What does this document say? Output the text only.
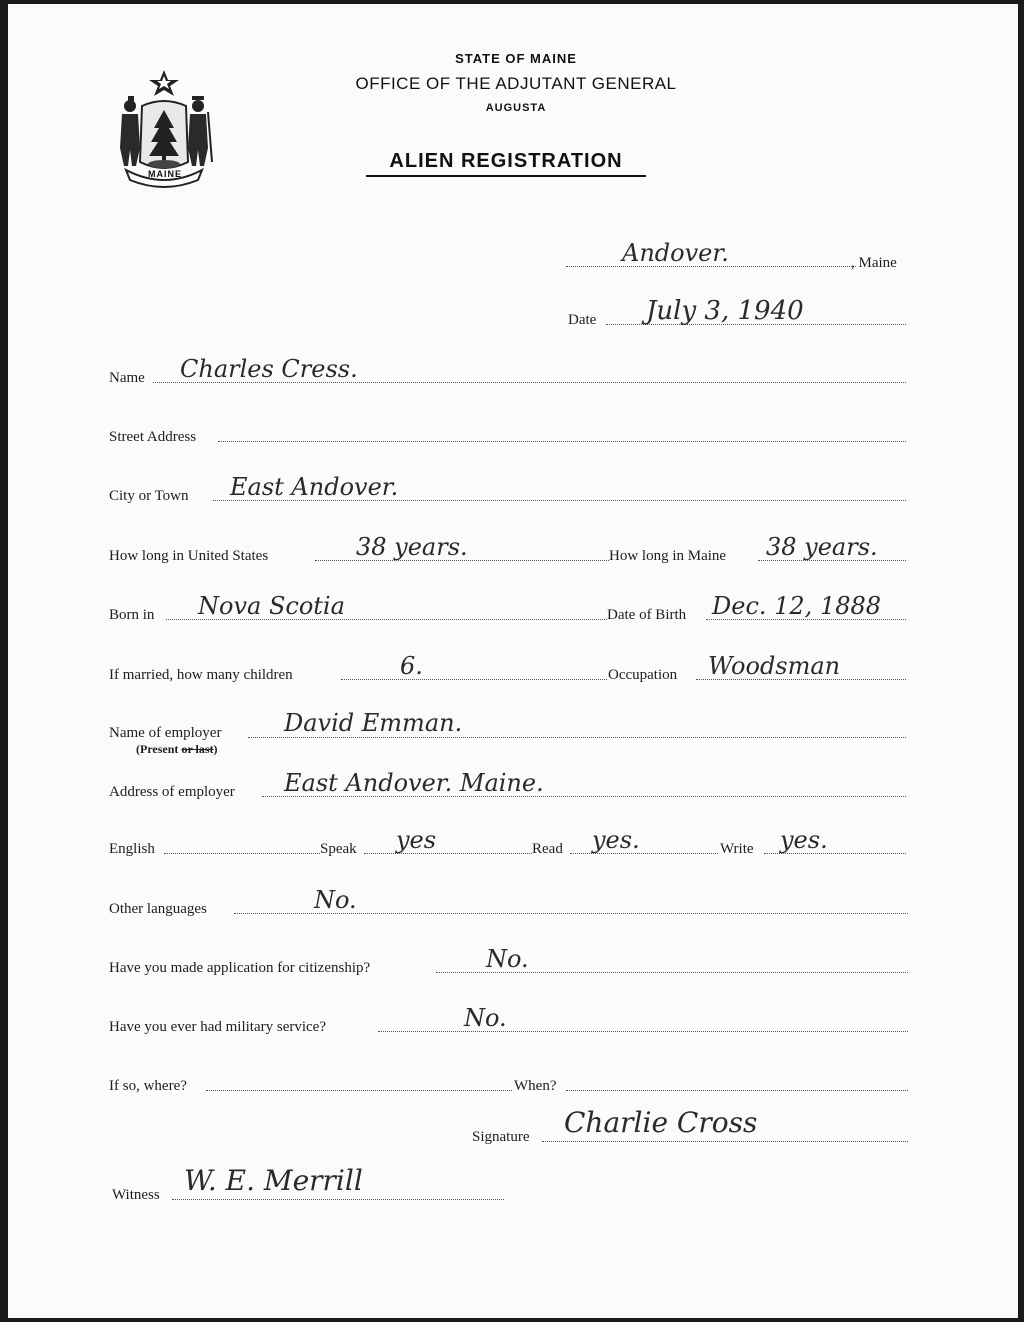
MAINE
STATE OF MAINE
OFFICE OF THE ADJUTANT GENERAL
AUGUSTA
ALIEN REGISTRATION
Andover.	, Maine
Date July 3, 1940
Name Charles Cress.
Street Address
City or Town East Andover.
How long in United States	38 years.	How long in Maine 38 years.
Born in Nova Scotia	Date of Birth Dec. 12, 1888
If married, how many children	6.	Occupation Woodsman
Name of employer	David Emman.
(Present or last)
Address of employer East Andover. Maine.
English	Speak yes	Read yes.	Write yes.
Other languages	No.
Have you made application for citizenship?	No.
Have you ever had military service?	No.
If so, where?	When?
Signature Charlie Cross
Witness W. E. Merrill
